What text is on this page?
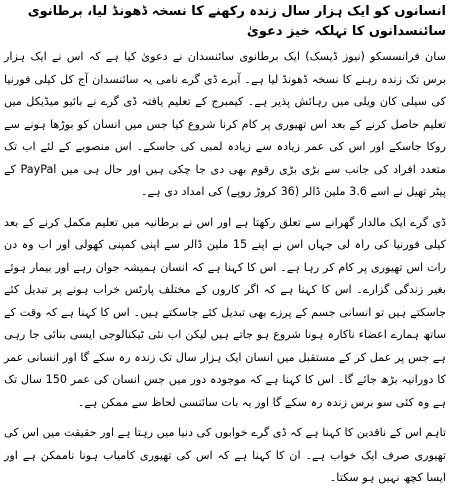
انسانوں کو ایک ہزار سال زندہ رکھنے کا نسخہ ڈھونڈ لیا، برطانوی سائنسدانوں کا تہلکہ خیز دعویٰ

سان فرانسسکو (نیوز ڈیسک) ایک برطانوی سائنسدان نے دعویٰ کیا ہے کہ اس نے ایک ہزار برس تک زندہ رہنے کا نسخہ ڈھونڈ لیا ہے۔ آبرے ڈی گرے نامی یہ سائنسدان آج کل کیلی فورنیا کی سیلی کان ویلی میں رہائش پذیر ہے۔ کیمبرج کے تعلیم یافتہ ڈی گرے نے بائیو میڈیکل میں تعلیم حاصل کرنے کے بعد اس تھیوری پر کام کرنا شروع کیا جس میں انسان کو بوڑھا ہونے سے روکا جاسکے اور اس کی عمر زیادہ سے زیادہ لمبی کی جاسکے۔ اس منصوبے کے لئے اب تک متعدد افراد کی جانب سے بڑی بڑی رقوم بھی دی جا چکی ہیں اور حال ہی میں PayPal کے پیٹر تھیل نے اسے 3.6 ملین ڈالر (36 کروڑ روپے) کی امداد دی ہے۔

ڈی گرے ایک مالدار گھرانے سے تعلق رکھتا ہے اور اس نے برطانیہ میں تعلیم مکمل کرنے کے بعد کیلی فورنیا کی راہ لی جہاں اس نے اپنے 15 ملین ڈالر سے اپنی کمپنی کھولی اور اب وہ دن رات اس تھیوری پر کام کر رہا ہے۔ اس کا کہنا ہے کہ انسان ہمیشہ جوان رہے اور بیمار ہوئے بغیر زندگی گزارے۔ اس کا کہنا ہے کہ اگر کاروں کے مختلف پارٹس خراب ہونے پر تبدیل کئے جاسکتے ہیں تو انسانی جسم کے پرزے بھی تبدیل کئے جاسکتے ہیں۔ اس کا کہنا ہے کہ وقت کے ساتھ ہمارے اعضاء ناکارہ ہونا شروع ہو جاتے ہیں لیکن اب نئی ٹیکنالوجی ایسی بنائی جا رہی ہے جس پر عمل کر کے مستقبل میں انسان ایک ہزار سال تک زندہ رہ سکے گا اور انسانی عمر کا دورانیہ بڑھ جائے گا۔ اس کا کہنا ہے کہ موجودہ دور میں جس انسان کی عمر 150 سال تک ہے وہ کئی سو برس زندہ رہ سکے گا اور یہ بات سائنسی لحاظ سے ممکن ہے۔

تاہم اس کے ناقدین کا کہنا ہے کہ ڈی گرے خوابوں کی دنیا میں رہتا ہے اور حقیقت میں اس کی تھیوری صرف ایک خواب ہے۔ ان کا کہنا ہے کہ اس کی تھیوری کامیاب ہونا ناممکن ہے اور ایسا کچھ نہیں ہو سکتا۔
